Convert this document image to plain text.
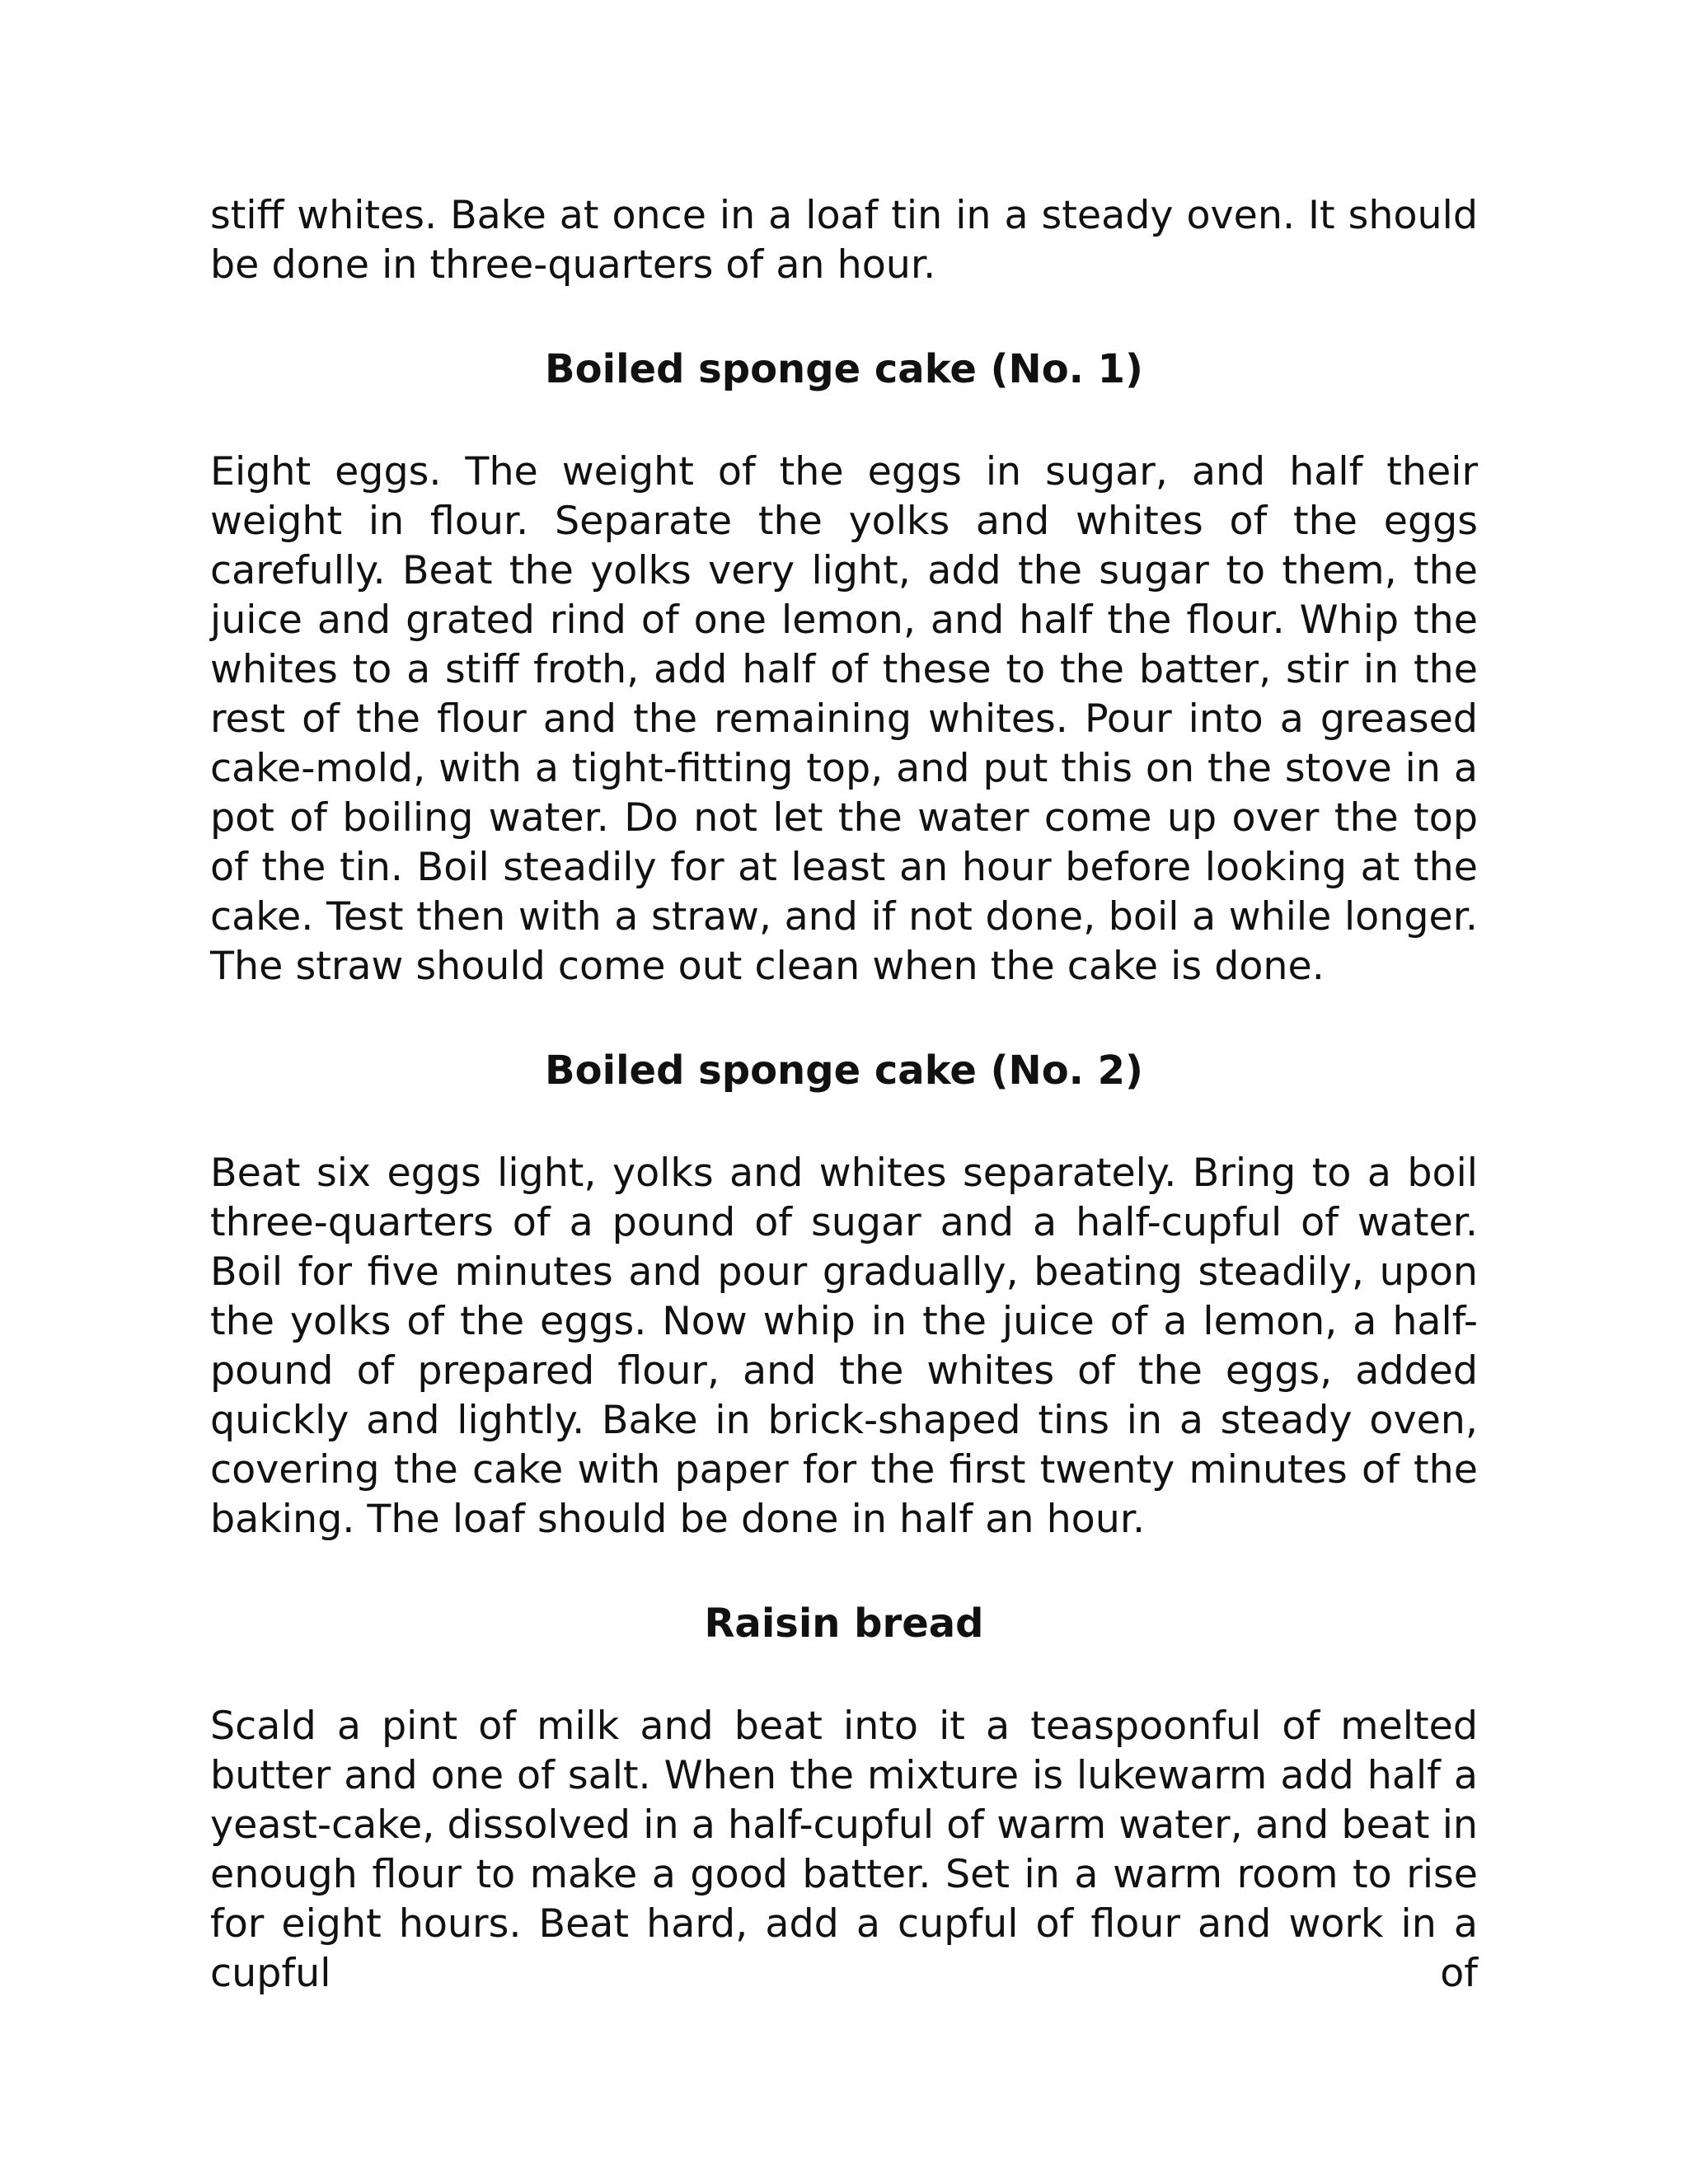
stiff whites. Bake at once in a loaf tin in a steady oven. It should be done in three-quarters of an hour.

Boiled sponge cake (No. 1)

Eight eggs. The weight of the eggs in sugar, and half their weight in flour. Separate the yolks and whites of the eggs carefully. Beat the yolks very light, add the sugar to them, the juice and grated rind of one lemon, and half the flour. Whip the whites to a stiff froth, add half of these to the batter, stir in the rest of the flour and the remaining whites. Pour into a greased cake-mold, with a tight-fitting top, and put this on the stove in a pot of boiling water. Do not let the water come up over the top of the tin. Boil steadily for at least an hour before looking at the cake. Test then with a straw, and if not done, boil a while longer. The straw should come out clean when the cake is done.

Boiled sponge cake (No. 2)

Beat six eggs light, yolks and whites separately. Bring to a boil three-quarters of a pound of sugar and a half-cupful of water. Boil for five minutes and pour gradually, beating steadily, upon the yolks of the eggs. Now whip in the juice of a lemon, a half-pound of prepared flour, and the whites of the eggs, added quickly and lightly. Bake in brick-shaped tins in a steady oven, covering the cake with paper for the first twenty minutes of the baking. The loaf should be done in half an hour.

Raisin bread

Scald a pint of milk and beat into it a teaspoonful of melted butter and one of salt. When the mixture is lukewarm add half a yeast-cake, dissolved in a half-cupful of warm water, and beat in enough flour to make a good batter. Set in a warm room to rise for eight hours. Beat hard, add a cupful of flour and work in a cupful of
